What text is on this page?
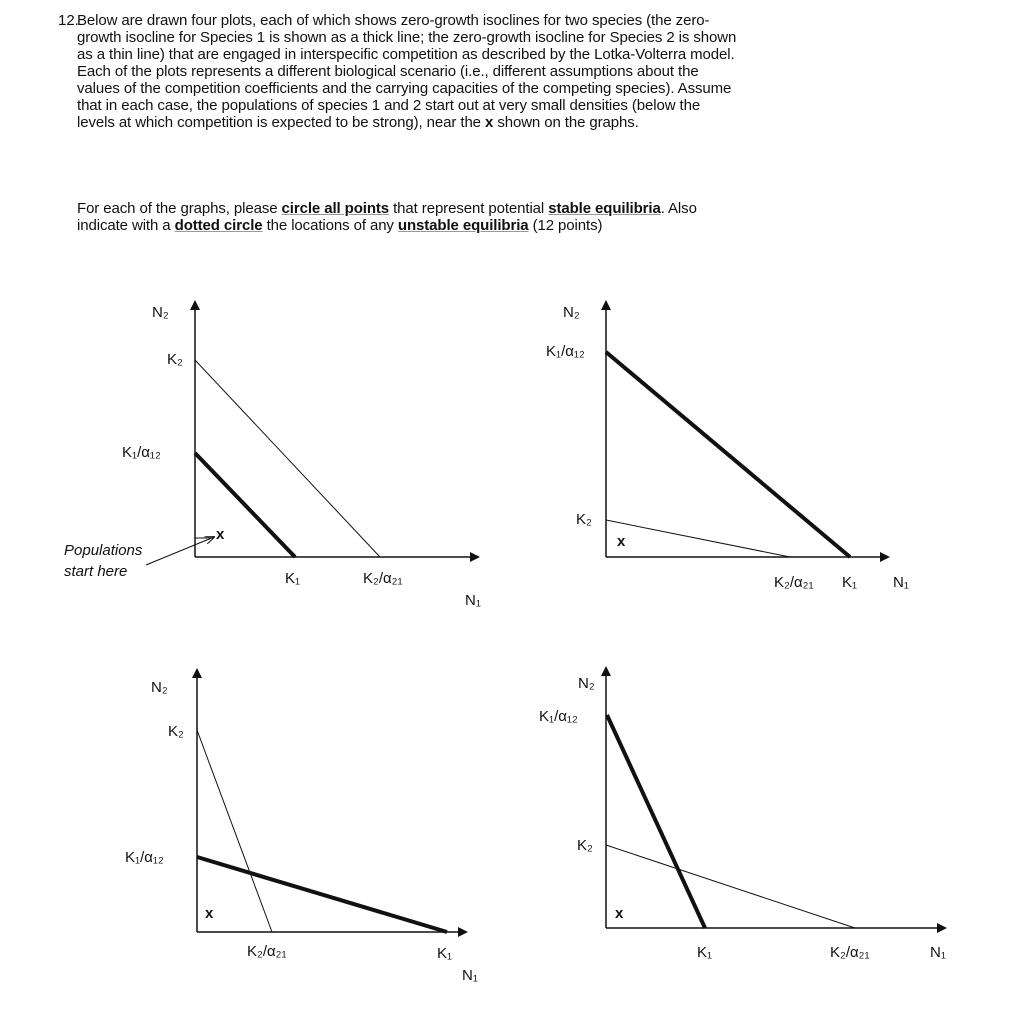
12.
Below are drawn four plots, each of which shows zero-growth isoclines for two species (the zero-
growth isocline for Species 1 is shown as a thick line; the zero-growth isocline for Species 2 is shown
as a thin line) that are engaged in interspecific competition as described by the Lotka-Volterra model.
Each of the plots represents a different biological scenario (i.e., different assumptions about the
values of the competition coefficients and the carrying capacities of the competing species). Assume
that in each case, the populations of species 1 and 2 start out at very small densities (below the
levels at which competition is expected to be strong), near the x shown on the graphs.
For each of the graphs, please circle all points that represent potential stable equilibria. Also
indicate with a dotted circle the locations of any unstable equilibria (12 points)
x
N₂
K₂
K₁/α₁₂
K₁	K₂/α₂₁
N₁
Populations
start here
x
N₂
K₁/α₁₂
K₂
K₂/α₂₁ K₁ N₁
x
N₂
K₂
K₁/α₁₂
K₂/α₂₁	K₁
N₁
x
N₂
K₁/α₁₂
K₂
K₁	K₂/α₂₁	N₁
